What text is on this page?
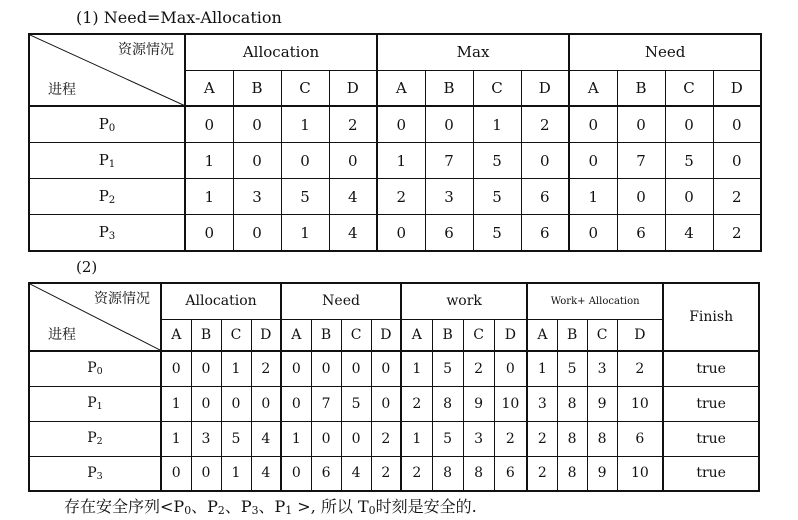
(1) Need=Max-Allocation
资源情况
进程	Allocation				Max				Need			
	A	B	C	D	A	B	C	D	A	B	C	D
$P_0$	0	0	1	2	0	0	1	2	0	0	0	0
$P_1$	1	0	0	0	1	7	5	0	0	7	5	0
$P_2$	1	3	5	4	2	3	5	6	1	0	0	2
$P_3$	0	0	1	4	0	6	5	6	0	6	4	2
(2)
资源情况
进程	Allocation				Need				work				Work+ Allocation				Finish
	A	B	C	D	A	B	C	D	A	B	C	D	A	B	C	D	
$P_0$	0	0	1	2	0	0	0	0	1	5	2	0	1	5	3	2	true
$P_1$	1	0	0	0	0	7	5	0	2	8	9	10	3	8	9	10	true
$P_2$	1	3	5	4	1	0	0	2	1	5	3	2	2	8	8	6	true
$P_3$	0	0	1	4	0	6	4	2	2	8	8	6	2	8	9	10	true
存在安全序列$<P_0$、$P_2$、$P_3$、$P_1$ >, 所以 $T_0$时刻是安全的.
